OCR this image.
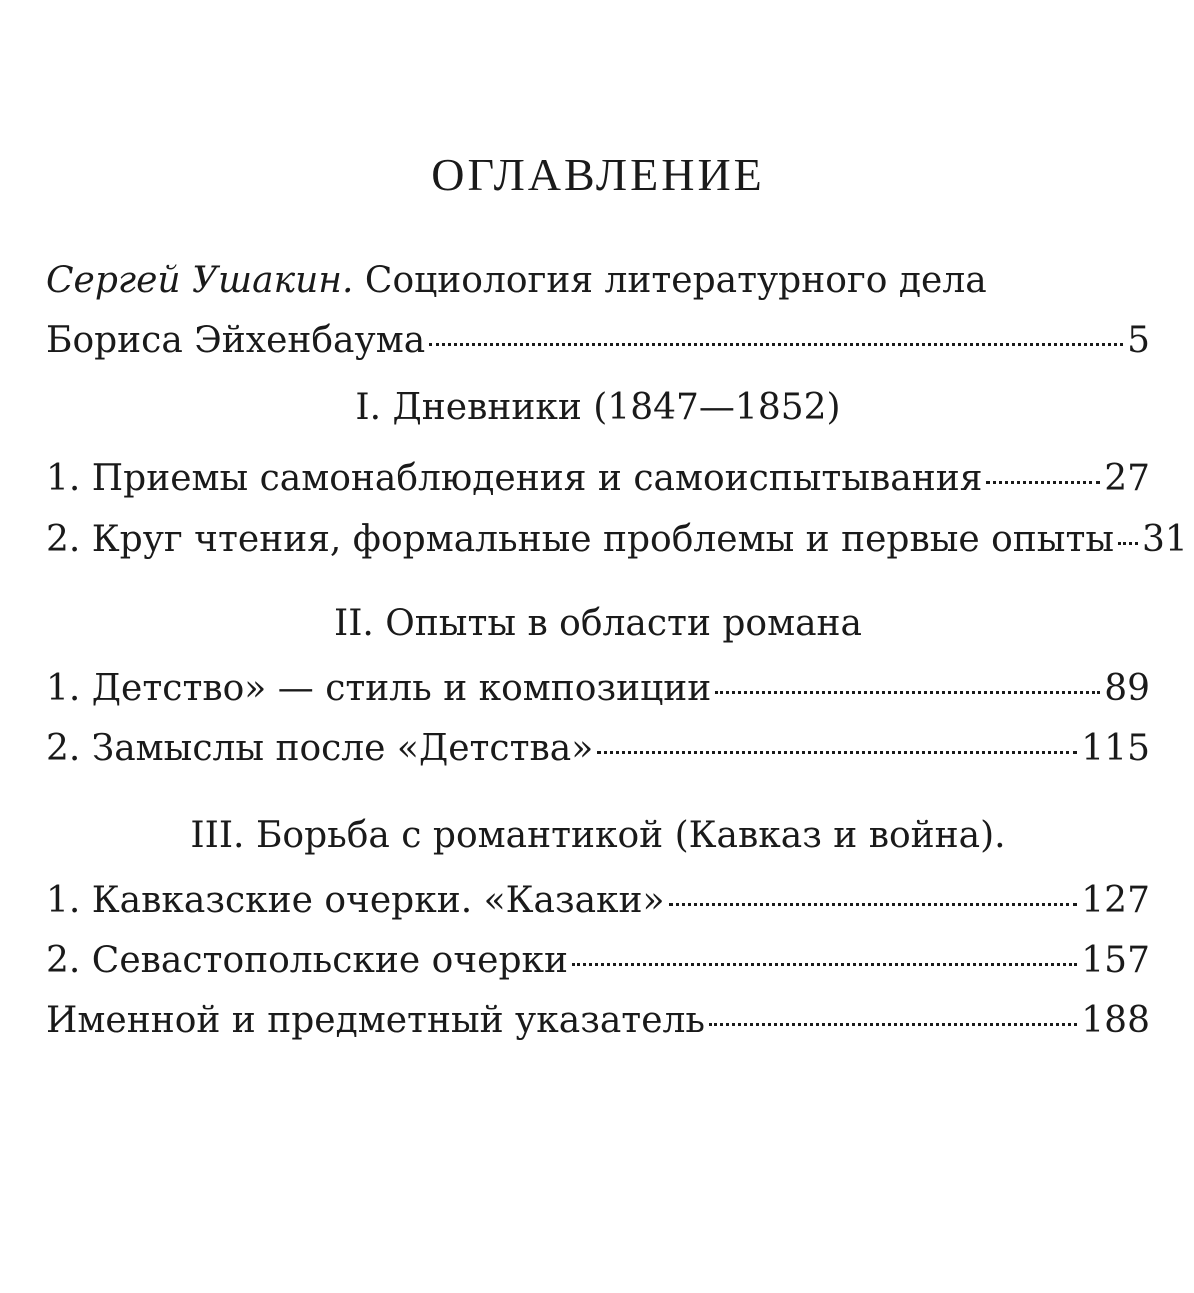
ОГЛАВЛЕНИЕ
Сергей Ушакин. Социология литературного дела
Бориса Эйхенбаума	5
I. Дневники (1847—1852)
1. Приемы самонаблюдения и самоиспытывания	27
2. Круг чтения, формальные проблемы и первые опыты 31
II. Опыты в области романа
1. Детство» — стиль и композиции	89
2. Замыслы после «Детства»	115
III. Борьба с романтикой (Кавказ и война).
1. Кавказские очерки. «Казаки»	127
2. Севастопольские очерки	157
Именной и предметный указатель	188
